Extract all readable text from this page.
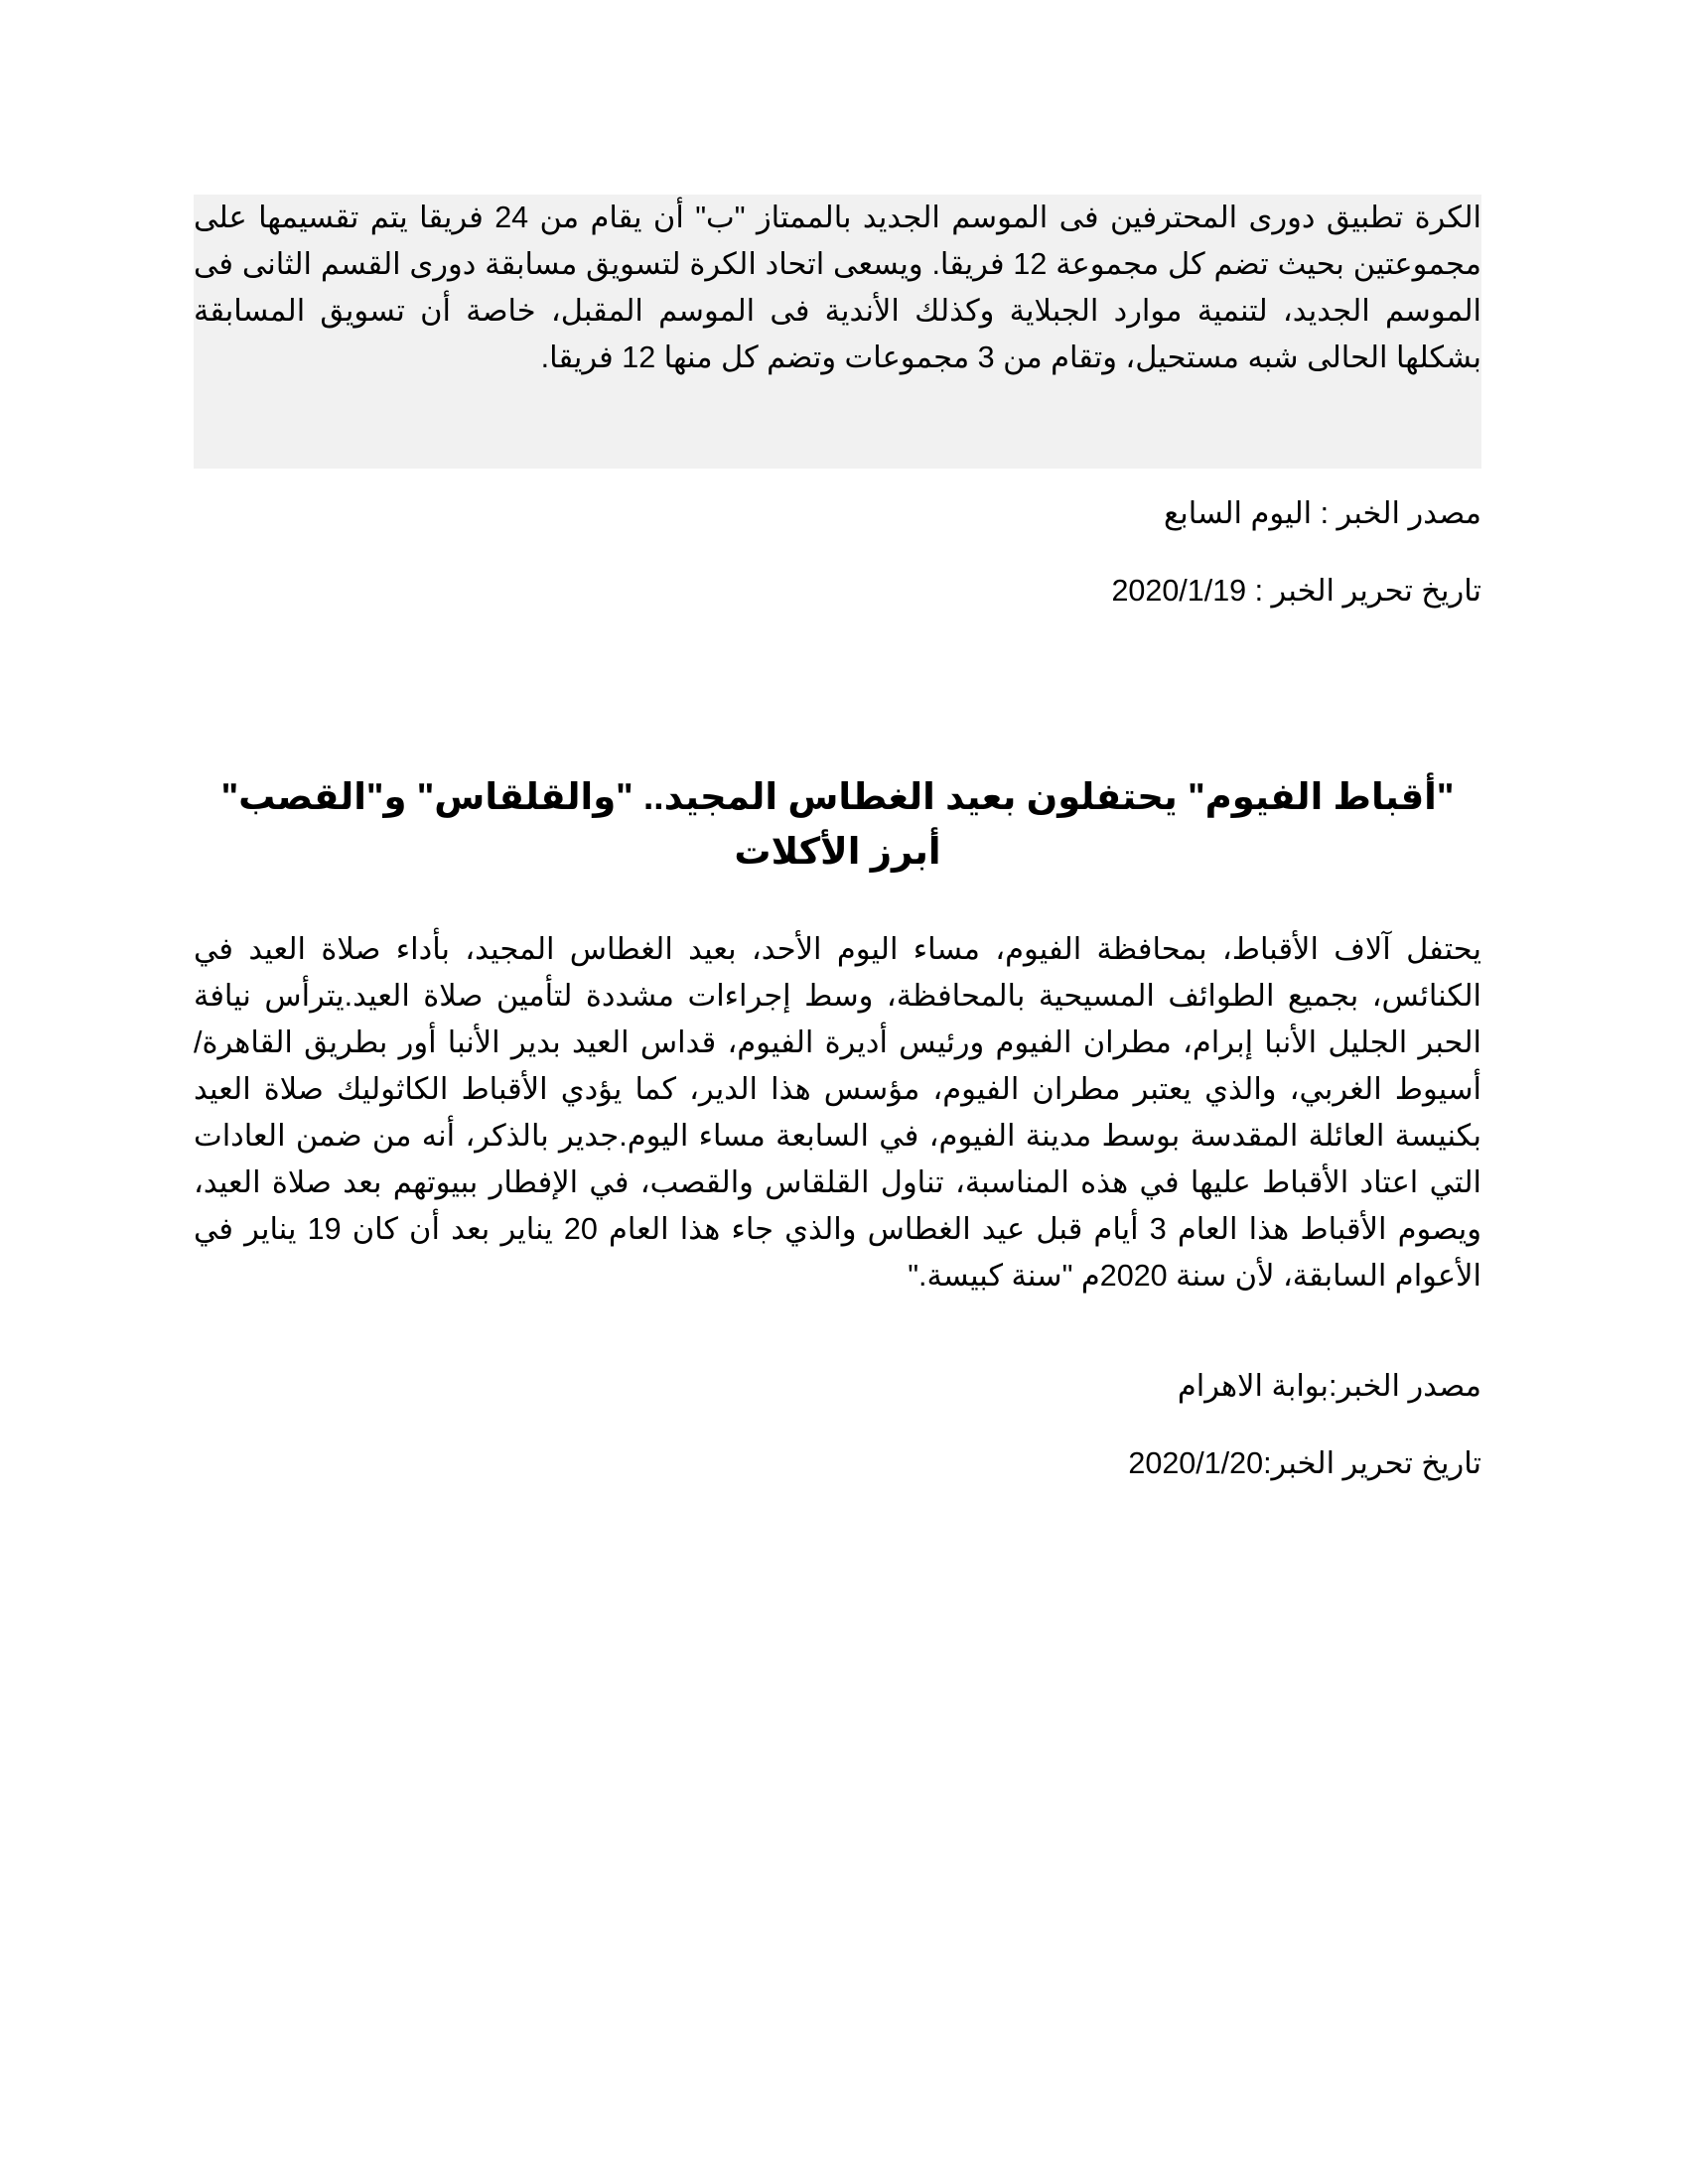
الكرة تطبيق دورى المحترفين فى الموسم الجديد بالممتاز "ب" أن يقام من 24 فريقا يتم تقسيمها على مجموعتين بحيث تضم كل مجموعة 12 فريقا. ويسعى اتحاد الكرة لتسويق مسابقة دورى القسم الثانى فى الموسم الجديد، لتنمية موارد الجبلاية وكذلك الأندية فى الموسم المقبل، خاصة أن تسويق المسابقة بشكلها الحالى شبه مستحيل، وتقام من 3 مجموعات وتضم كل منها 12 فريقا.

مصدر الخبر : اليوم السابع

تاريخ تحرير الخبر : 2020/1/19

"أقباط الفيوم" يحتفلون بعيد الغطاس المجيد.. "والقلقاس" و"القصب" أبرز الأكلات

يحتفل آلاف الأقباط، بمحافظة الفيوم، مساء اليوم الأحد، بعيد الغطاس المجيد، بأداء صلاة العيد في الكنائس، بجميع الطوائف المسيحية بالمحافظة، وسط إجراءات مشددة لتأمين صلاة العيد.يترأس نيافة الحبر الجليل الأنبا إبرام، مطران الفيوم ورئيس أديرة الفيوم، قداس العيد بدير الأنبا أور بطريق القاهرة/أسيوط الغربي، والذي يعتبر مطران الفيوم، مؤسس هذا الدير، كما يؤدي الأقباط الكاثوليك صلاة العيد بكنيسة العائلة المقدسة بوسط مدينة الفيوم، في السابعة مساء اليوم.جدير بالذكر، أنه من ضمن العادات التي اعتاد الأقباط عليها في هذه المناسبة، تناول القلقاس والقصب، في الإفطار ببيوتهم بعد صلاة العيد، ويصوم الأقباط هذا العام 3 أيام قبل عيد الغطاس والذي جاء هذا العام 20 يناير بعد أن كان 19 يناير في الأعوام السابقة، لأن سنة 2020م "سنة كبيسة."

مصدر الخبر:بوابة الاهرام

تاريخ تحرير الخبر:2020/1/20
